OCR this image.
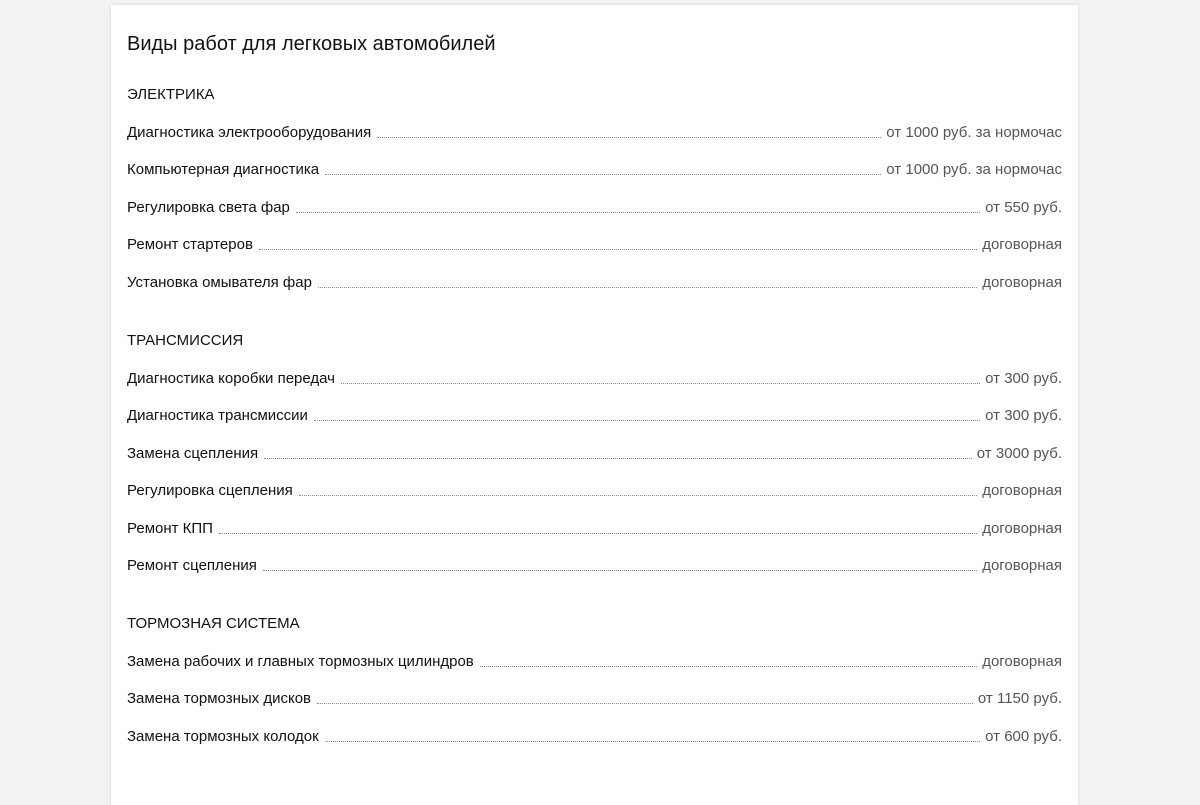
Виды работ для легковых автомобилей
ЭЛЕКТРИКА
Диагностика электрооборудования	от 1000 руб. за нормочас
Компьютерная диагностика	от 1000 руб. за нормочас
Регулировка света фар	от 550 руб.
Ремонт стартеров	договорная
Установка омывателя фар	договорная
ТРАНСМИССИЯ
Диагностика коробки передач	от 300 руб.
Диагностика трансмиссии	от 300 руб.
Замена сцепления	от 3000 руб.
Регулировка сцепления	договорная
Ремонт КПП	договорная
Ремонт сцепления	договорная
ТОРМОЗНАЯ СИСТЕМА
Замена рабочих и главных тормозных цилиндров	договорная
Замена тормозных дисков	от 1150 руб.
Замена тормозных колодок	от 600 руб.
